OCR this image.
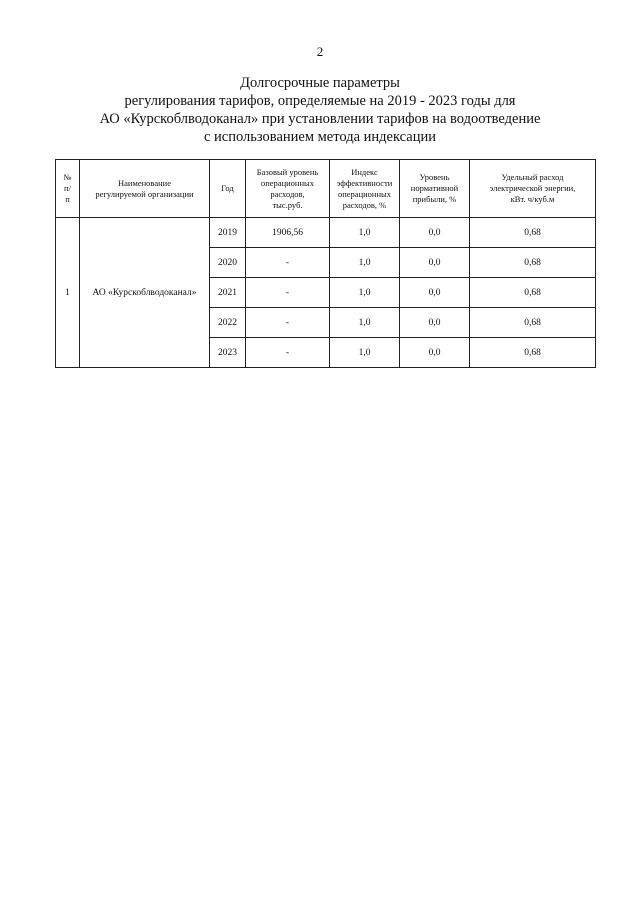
2
Долгосрочные параметры
регулирования тарифов, определяемые на 2019 - 2023 годы для
АО «Курскоблводоканал» при установлении тарифов на водоотведение
с использованием метода индексации
№
п/
п	Наименование
регулируемой организации	Год	Базовый уровень
операционных
расходов,
тыс.руб.	Индекс
эффективности
операционных
расходов, %	Уровень
нормативной
прибыли, %	Удельный расход
электрической энергии,
кВт. ч/куб.м
1	АО «Курскоблводоканал»	2019	1906,56	1,0	0,0	0,68
		2020	-	1,0	0,0	0,68
		2021	-	1,0	0,0	0,68
		2022	-	1,0	0,0	0,68
		2023	-	1,0	0,0	0,68
